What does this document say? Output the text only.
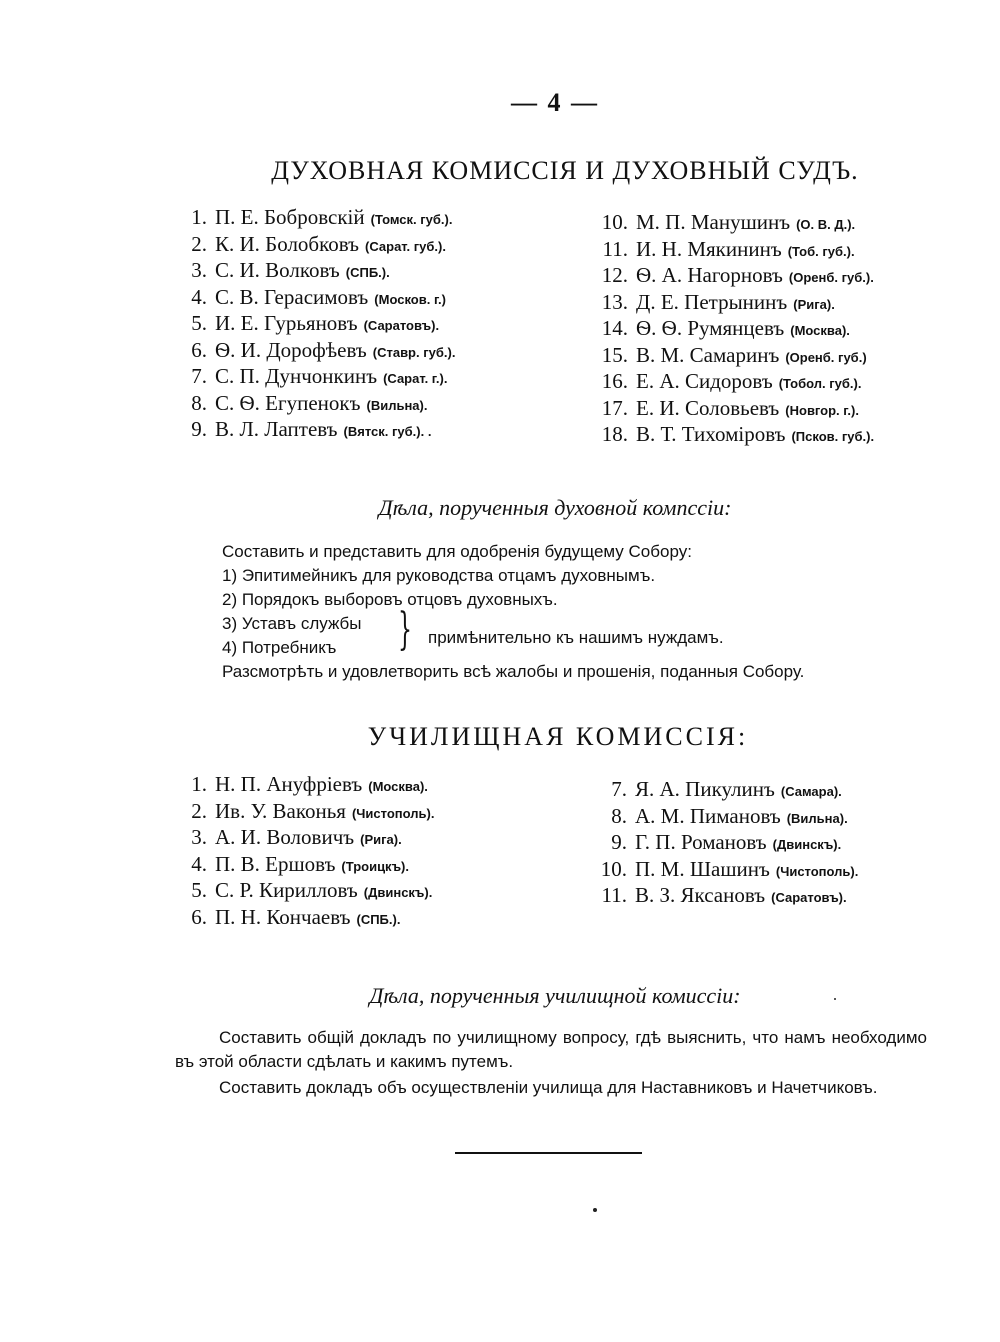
— 4 —
ДУХОВНАЯ КОМИССІЯ И ДУХОВНЫЙ СУДЪ.
1. П. Е. Бобровскій (Томск. губ.).
2. К. И. Болобковъ (Сарат. губ.).
3. С. И. Волковъ (СПБ.).
4. С. В. Герасимовъ (Москов. г.)
5. И. Е. Гурьяновъ (Саратовъ).
6. Ѳ. И. Дорофѣевъ (Ставр. губ.).
7. С. П. Дунчонкинъ (Сарат. г.).
8. С. Ѳ. Егупенокъ (Вильна).
9. В. Л. Лаптевъ (Вятск. губ.). .
10. М. П. Манушинъ (О. В. Д.).
11. И. Н. Мякининъ (Тоб. губ.).
12. Ѳ. А. Нагорновъ (Оренб. губ.).
13. Д. Е. Петрынинъ (Рига).
14. Ѳ. Ѳ. Румянцевъ (Москва).
15. В. М. Самаринъ (Оренб. губ.)
16. Е. А. Сидоровъ (Тобол. губ.).
17. Е. И. Соловьевъ (Новгор. г.).
18. В. Т. Тихоміровъ (Псков. губ.).
Дѣла, порученныя духовной компссіи:
Составить и представить для одобренія будущему Собору:
1) Эпитимейникъ для руководства отцамъ духовнымъ.
2) Порядокъ выборовъ отцовъ духовныхъ.
3) Уставъ службы
4) Потребникъ } примѣнительно къ нашимъ нуждамъ.
Разсмотрѣть и удовлетворить всѣ жалобы и прошенія, поданныя Собору.
УЧИЛИЩНАЯ КОМИССІЯ:
1. Н. П. Ануфріевъ (Москва).
2. Ив. У. Ваконья (Чистополь).
3. А. И. Воловичъ (Рига).
4. П. В. Ершовъ (Троицкъ).
5. С. Р. Кирилловъ (Двинскъ).
6. П. Н. Кончаевъ (СПБ.).
7. Я. А. Пикулинъ (Самара).
8. А. М. Пимановъ (Вильна).
9. Г. П. Романовъ (Двинскъ).
10. П. М. Шашинъ (Чистополь).
11. В. З. Яксановъ (Саратовъ).
Дѣла, порученныя училищной комиссіи:
Составить общій докладъ по училищному вопросу, гдѣ выяснить, что намъ необходимо въ этой области сдѣлать и какимъ путемъ.
Составить докладъ объ осуществленіи училища для Наставниковъ и Начетчиковъ.
